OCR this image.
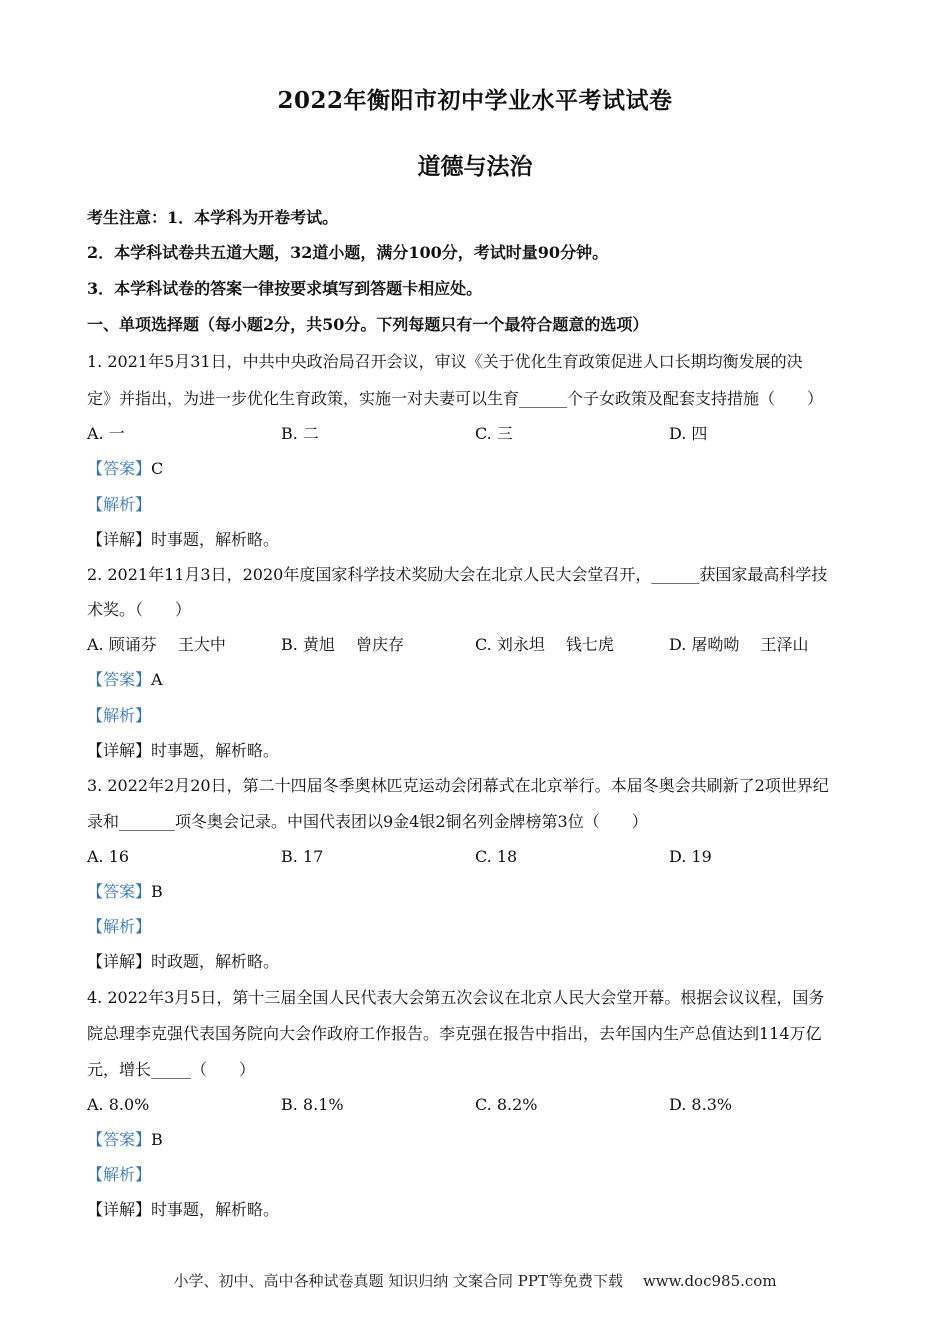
2022年衡阳市初中学业水平考试试卷
道德与法治
考生注意：1．本学科为开卷考试。
2．本学科试卷共五道大题，32道小题，满分100分，考试时量90分钟。
3．本学科试卷的答案一律按要求填写到答题卡相应处。
一、单项选择题（每小题2分，共50分。下列每题只有一个最符合题意的选项）
1. 2021年5月31日，中共中央政治局召开会议，审议《关于优化生育政策促进人口长期均衡发展的决
定》并指出，为进一步优化生育政策，实施一对夫妻可以生育______个子女政策及配套支持措施（　　）
A. 一	B. 二	C. 三	D. 四
【答案】C
【解析】
【详解】时事题，解析略。
2. 2021年11月3日，2020年度国家科学技术奖励大会在北京人民大会堂召开，______获国家最高科学技
术奖。（　　）
A. 顾诵芬　 王大中	B. 黄旭　 曾庆存	C. 刘永坦　 钱七虎	D. 屠呦呦　 王泽山
【答案】A
【解析】
【详解】时事题，解析略。
3. 2022年2月20日，第二十四届冬季奥林匹克运动会闭幕式在北京举行。本届冬奥会共刷新了2项世界纪
录和_______项冬奥会记录。中国代表团以9金4银2铜名列金牌榜第3位（　　）
A. 16	B. 17	C. 18	D. 19
【答案】B
【解析】
【详解】时政题，解析略。
4. 2022年3月5日，第十三届全国人民代表大会第五次会议在北京人民大会堂开幕。根据会议议程，国务
院总理李克强代表国务院向大会作政府工作报告。李克强在报告中指出，去年国内生产总值达到114万亿
元，增长_____（　　）
A. 8.0%	B. 8.1%	C. 8.2%	D. 8.3%
【答案】B
【解析】
【详解】时事题，解析略。
小学、初中、高中各种试卷真题 知识归纳 文案合同 PPT等免费下载 www.doc985.com
